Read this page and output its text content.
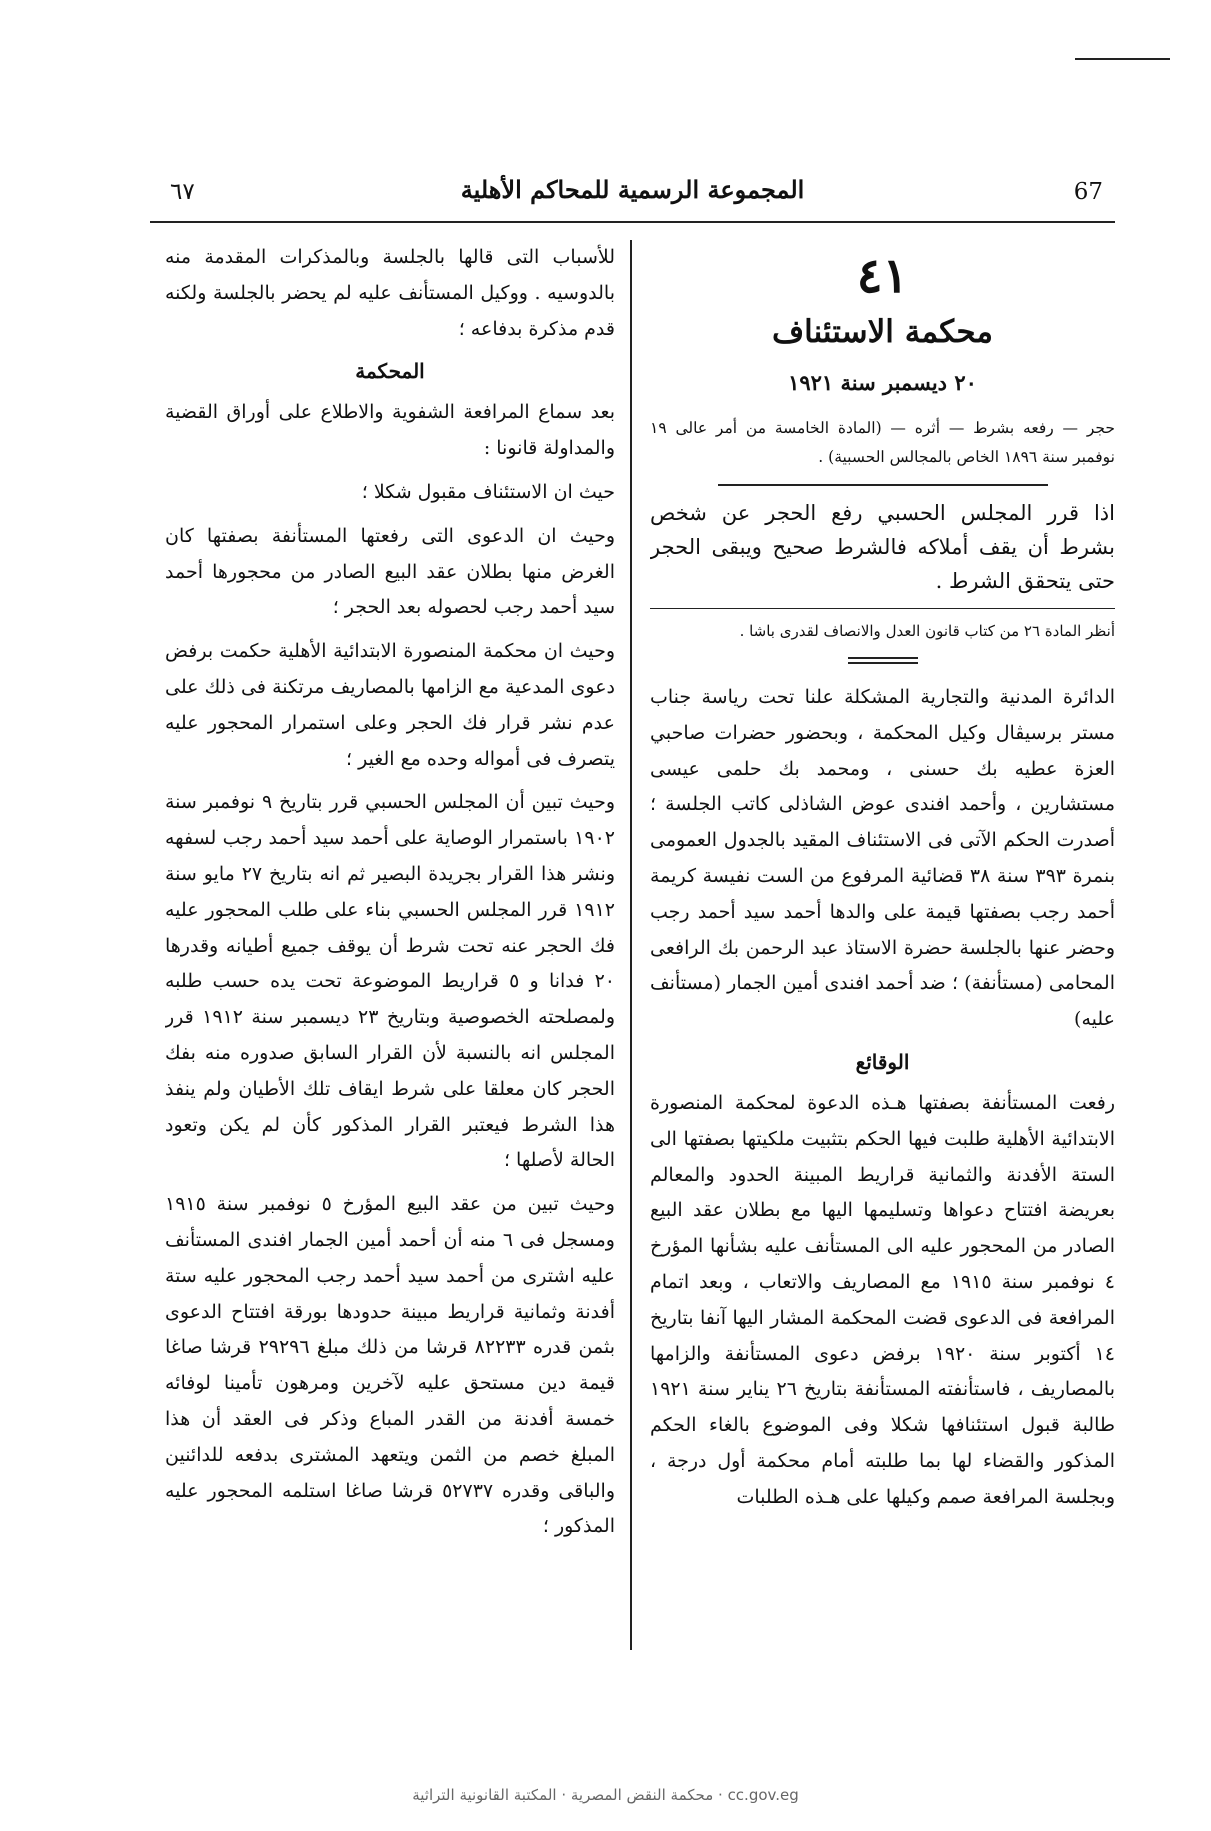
٦٧	المجموعة الرسمية للمحاكم الأهلية	67
٤١
محكمة الاستئناف
٢٠ ديسمبر سنة ١٩٢١
حجر — رفعه بشرط — أثره — (المادة الخامسة من أمر عالى ١٩ نوفمبر سنة ١٨٩٦ الخاص بالمجالس الحسبية) .
اذا قرر المجلس الحسبي رفع الحجر عن شخص بشرط أن يقف أملاكه فالشرط صحيح ويبقى الحجر حتى يتحقق الشرط .
أنظر المادة ٢٦ من كتاب قانون العدل والانصاف لقدرى باشا .

الدائرة المدنية والتجارية المشكلة علنا تحت رياسة جناب مستر برسيڤال وكيل المحكمة ، وبحضور حضرات صاحبي العزة عطيه بك حسنى ، ومحمد بك حلمى عيسى مستشارين ، وأحمد افندى عوض الشاذلى كاتب الجلسة ؛ أصدرت الحكم الآتى فى الاستئناف المقيد بالجدول العمومى بنمرة ٣٩٣ سنة ٣٨ قضائية المرفوع من الست نفيسة كريمة أحمد رجب بصفتها قيمة على والدها أحمد سيد أحمد رجب وحضر عنها بالجلسة حضرة الاستاذ عبد الرحمن بك الرافعى المحامى (مستأنفة) ؛ ضد أحمد افندى أمين الجمار (مستأنف عليه)

الوقائع

رفعت المستأنفة بصفتها هـذه الدعوة لمحكمة المنصورة الابتدائية الأهلية طلبت فيها الحكم بتثبيت ملكيتها بصفتها الى الستة الأفدنة والثمانية قراريط المبينة الحدود والمعالم بعريضة افتتاح دعواها وتسليمها اليها مع بطلان عقد البيع الصادر من المحجور عليه الى المستأنف عليه بشأنها المؤرخ ٤ نوفمبر سنة ١٩١٥ مع المصاريف والاتعاب ، وبعد اتمام المرافعة فى الدعوى قضت المحكمة المشار اليها آنفا بتاريخ ١٤ أكتوبر سنة ١٩٢٠ برفض دعوى المستأنفة والزامها بالمصاريف ، فاستأنفته المستأنفة بتاريخ ٢٦ يناير سنة ١٩٢١ طالبة قبول استئنافها شكلا وفى الموضوع بالغاء الحكم المذكور والقضاء لها بما طلبته أمام محكمة أول درجة ، وبجلسة المرافعة صمم وكيلها على هـذه الطلبات

للأسباب التى قالها بالجلسة وبالمذكرات المقدمة منه بالدوسيه . ووكيل المستأنف عليه لم يحضر بالجلسة ولكنه قدم مذكرة بدفاعه ؛

المحكمة

بعد سماع المرافعة الشفوية والاطلاع على أوراق القضية والمداولة قانونا :

حيث ان الاستئناف مقبول شكلا ؛

وحيث ان الدعوى التى رفعتها المستأنفة بصفتها كان الغرض منها بطلان عقد البيع الصادر من محجورها أحمد سيد أحمد رجب لحصوله بعد الحجر ؛

وحيث ان محكمة المنصورة الابتدائية الأهلية حكمت برفض دعوى المدعية مع الزامها بالمصاريف مرتكنة فى ذلك على عدم نشر قرار فك الحجر وعلى استمرار المحجور عليه يتصرف فى أمواله وحده مع الغير ؛

وحيث تبين أن المجلس الحسبي قرر بتاريخ ٩ نوفمبر سنة ١٩٠٢ باستمرار الوصاية على أحمد سيد أحمد رجب لسفهه ونشر هذا القرار بجريدة البصير ثم انه بتاريخ ٢٧ مايو سنة ١٩١٢ قرر المجلس الحسبي بناء على طلب المحجور عليه فك الحجر عنه تحت شرط أن يوقف جميع أطيانه وقدرها ٢٠ فدانا و ٥ قراريط الموضوعة تحت يده حسب طلبه ولمصلحته الخصوصية وبتاريخ ٢٣ ديسمبر سنة ١٩١٢ قرر المجلس انه بالنسبة لأن القرار السابق صدوره منه بفك الحجر كان معلقا على شرط ايقاف تلك الأطيان ولم ينفذ هذا الشرط فيعتبر القرار المذكور كأن لم يكن وتعود الحالة لأصلها ؛

وحيث تبين من عقد البيع المؤرخ ٥ نوفمبر سنة ١٩١٥ ومسجل فى ٦ منه أن أحمد أمين الجمار افندى المستأنف عليه اشترى من أحمد سيد أحمد رجب المحجور عليه ستة أفدنة وثمانية قراريط مبينة حدودها بورقة افتتاح الدعوى بثمن قدره ٨٢٢٣٣ قرشا من ذلك مبلغ ٢٩٢٩٦ قرشا صاغا قيمة دين مستحق عليه لآخرين ومرهون تأمينا لوفائه خمسة أفدنة من القدر المباع وذكر فى العقد أن هذا المبلغ خصم من الثمن ويتعهد المشترى بدفعه للدائنين والباقى وقدره ٥٢٧٣٧ قرشا صاغا استلمه المحجور عليه المذكور ؛

cc.gov.eg · محكمة النقض المصرية · المكتبة القانونية التراثية
